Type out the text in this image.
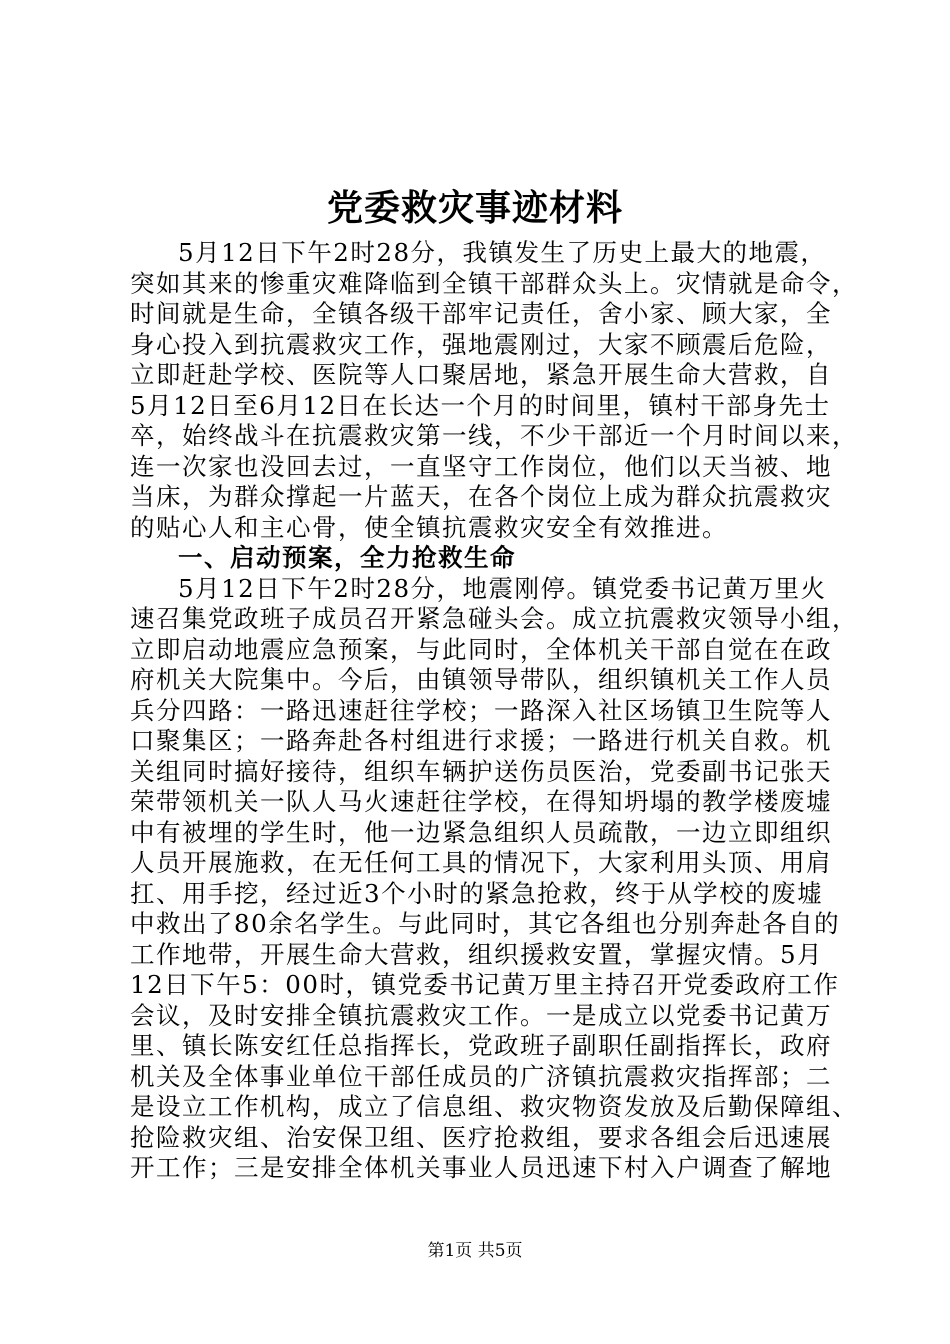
党委救灾事迹材料
5月12日下午2时28分，我镇发生了历史上最大的地震，
突如其来的惨重灾难降临到全镇干部群众头上。灾情就是命令，
时间就是生命，全镇各级干部牢记责任，舍小家、顾大家，全
身心投入到抗震救灾工作，强地震刚过，大家不顾震后危险，
立即赶赴学校、医院等人口聚居地，紧急开展生命大营救，自
5月12日至6月12日在长达一个月的时间里，镇村干部身先士
卒，始终战斗在抗震救灾第一线，不少干部近一个月时间以来，
连一次家也没回去过，一直坚守工作岗位，他们以天当被、地
当床，为群众撑起一片蓝天，在各个岗位上成为群众抗震救灾
的贴心人和主心骨，使全镇抗震救灾安全有效推进。
一、启动预案，全力抢救生命
5月12日下午2时28分，地震刚停。镇党委书记黄万里火
速召集党政班子成员召开紧急碰头会。成立抗震救灾领导小组，
立即启动地震应急预案，与此同时，全体机关干部自觉在在政
府机关大院集中。今后，由镇领导带队，组织镇机关工作人员
兵分四路：一路迅速赶往学校；一路深入社区场镇卫生院等人
口聚集区；一路奔赴各村组进行求援；一路进行机关自救。机
关组同时搞好接待，组织车辆护送伤员医治，党委副书记张天
荣带领机关一队人马火速赶往学校，在得知坍塌的教学楼废墟
中有被埋的学生时，他一边紧急组织人员疏散，一边立即组织
人员开展施救，在无任何工具的情况下，大家利用头顶、用肩
扛、用手挖，经过近3个小时的紧急抢救，终于从学校的废墟
中救出了80余名学生。与此同时，其它各组也分别奔赴各自的
工作地带，开展生命大营救，组织援救安置，掌握灾情。5月
12日下午5：00时，镇党委书记黄万里主持召开党委政府工作
会议，及时安排全镇抗震救灾工作。一是成立以党委书记黄万
里、镇长陈安红任总指挥长，党政班子副职任副指挥长，政府
机关及全体事业单位干部任成员的广济镇抗震救灾指挥部；二
是设立工作机构，成立了信息组、救灾物资发放及后勤保障组、
抢险救灾组、治安保卫组、医疗抢救组，要求各组会后迅速展
开工作；三是安排全体机关事业人员迅速下村入户调查了解地
第1页 共5页
